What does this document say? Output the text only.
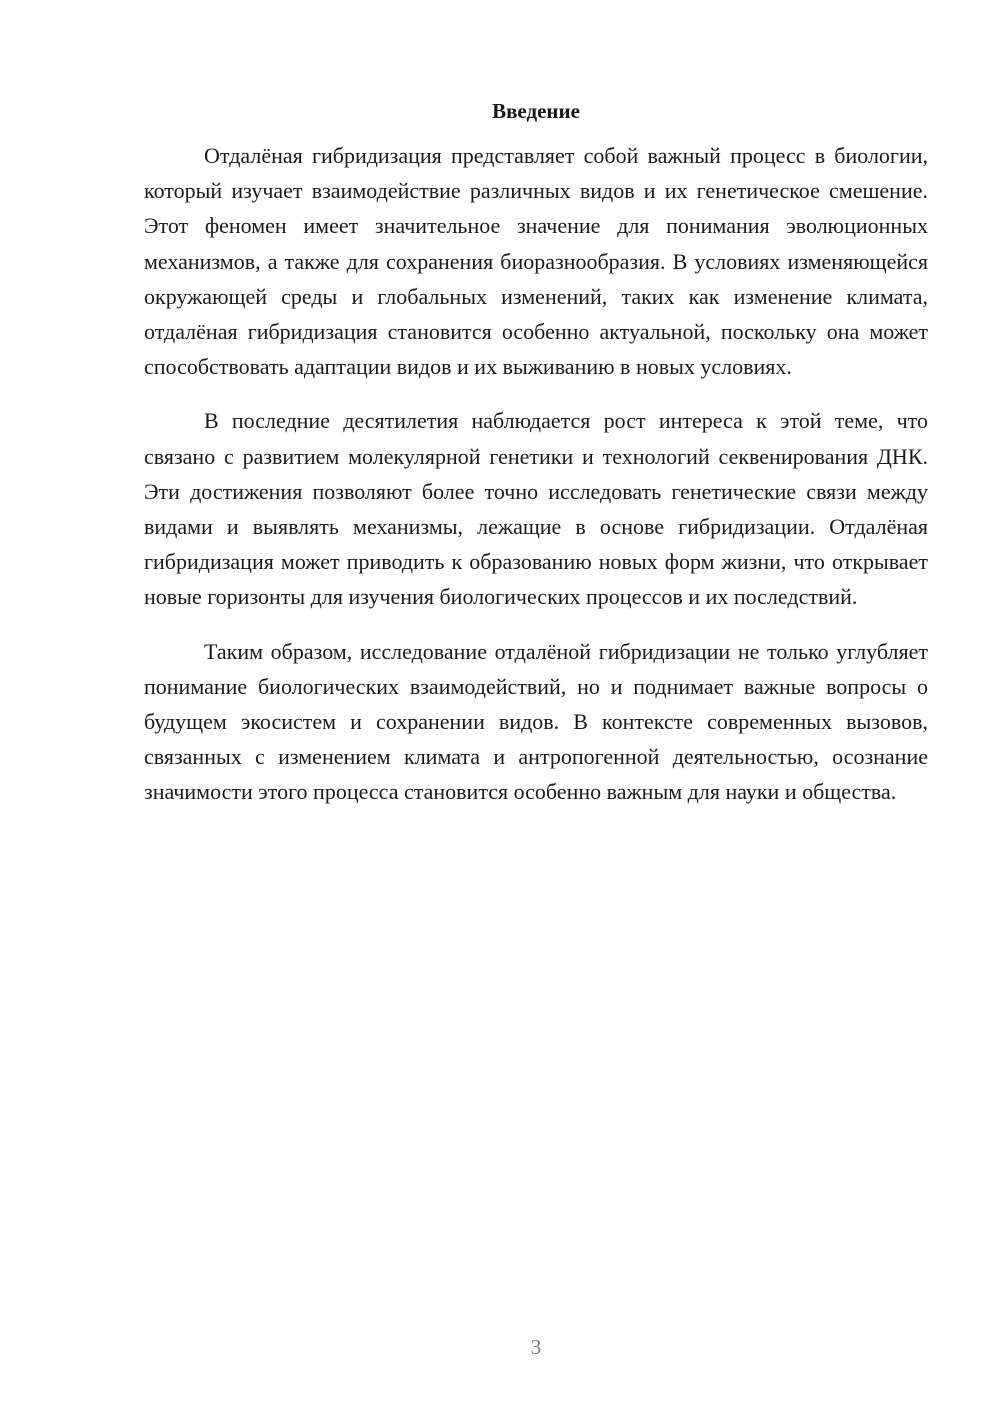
Введение

Отдалёная гибридизация представляет собой важный процесс в биологии, который изучает взаимодействие различных видов и их генетическое смешение. Этот феномен имеет значительное значение для понимания эволюционных механизмов, а также для сохранения биоразнообразия. В условиях изменяющейся окружающей среды и глобальных изменений, таких как изменение климата, отдалёная гибридизация становится особенно актуальной, поскольку она может способствовать адаптации видов и их выживанию в новых условиях.

В последние десятилетия наблюдается рост интереса к этой теме, что связано с развитием молекулярной генетики и технологий секвенирования ДНК. Эти достижения позволяют более точно исследовать генетические связи между видами и выявлять механизмы, лежащие в основе гибридизации. Отдалёная гибридизация может приводить к образованию новых форм жизни, что открывает новые горизонты для изучения биологических процессов и их последствий.

Таким образом, исследование отдалёной гибридизации не только углубляет понимание биологических взаимодействий, но и поднимает важные вопросы о будущем экосистем и сохранении видов. В контексте современных вызовов, связанных с изменением климата и антропогенной деятельностью, осознание значимости этого процесса становится особенно важным для науки и общества.

3
